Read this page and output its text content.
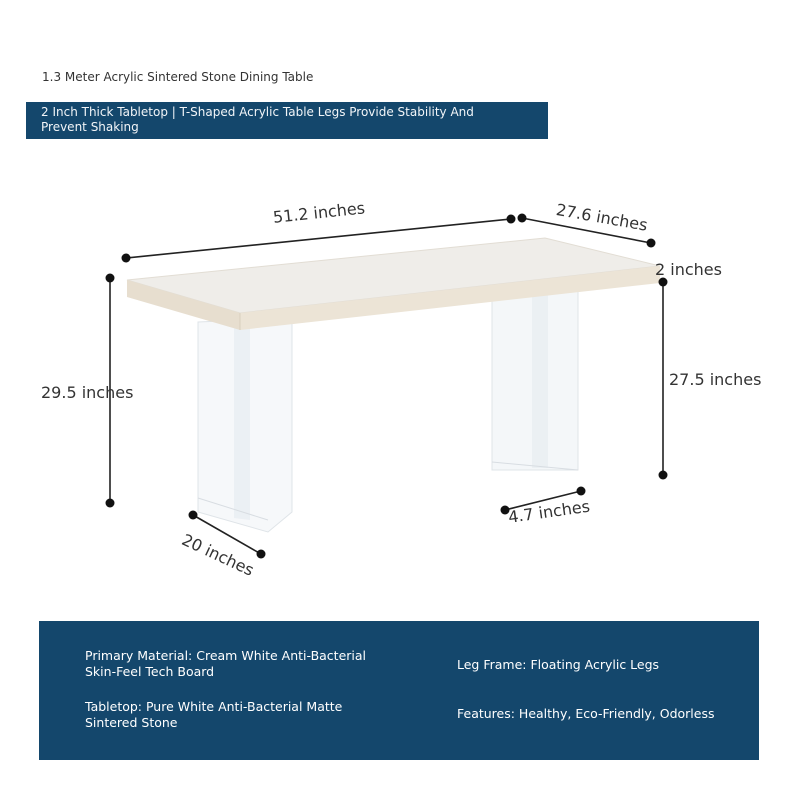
1.3 Meter Acrylic Sintered Stone Dining Table
2 Inch Thick Tabletop | T-Shaped Acrylic Table Legs Provide Stability And Prevent Shaking
51.2 inches	27.6 inches
2 inches
29.5 inches
27.5 inches
20 inches
4.7 inches
Primary Material: Cream White Anti-Bacterial Skin-Feel Tech Board
Tabletop: Pure White Anti-Bacterial Matte Sintered Stone
Leg Frame: Floating Acrylic Legs
Features: Healthy, Eco-Friendly, Odorless
